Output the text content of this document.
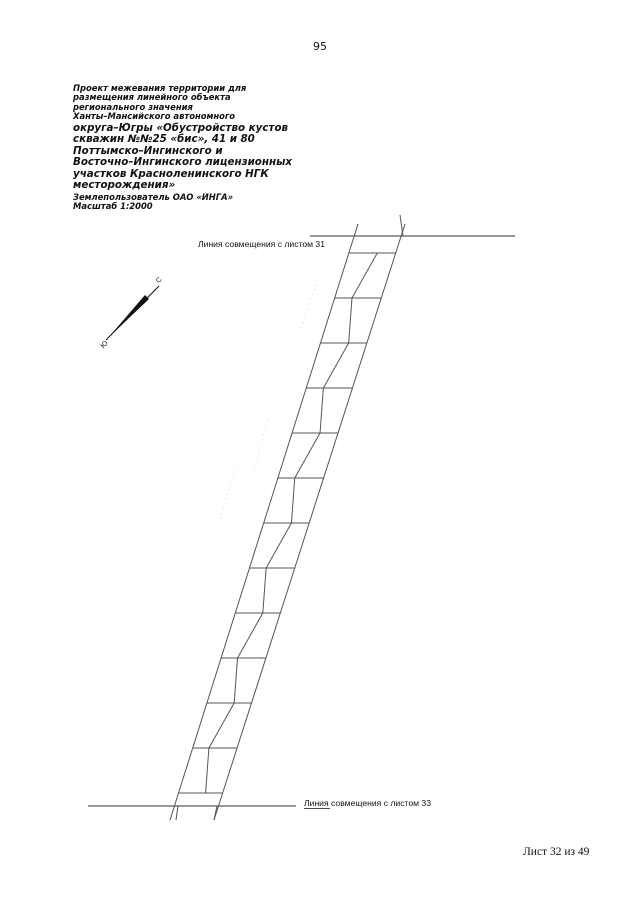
95
Проект межевания территории для
размещения линейного объекта
регионального значения
Ханты–Мансийского автономного
округа–Югры «Обустройство кустов
скважин №№25 «бис», 41 и 80
Поттымско–Ингинского и
Восточно–Ингинского лицензионных
участков Красноленинского НГК
месторождения»
Землепользователь ОАО «ИНГА»
Масштаб 1:2000
Линия совмещения с листом 31
Линия совмещения с листом 33
С
Ю
Лист 32 из 49
